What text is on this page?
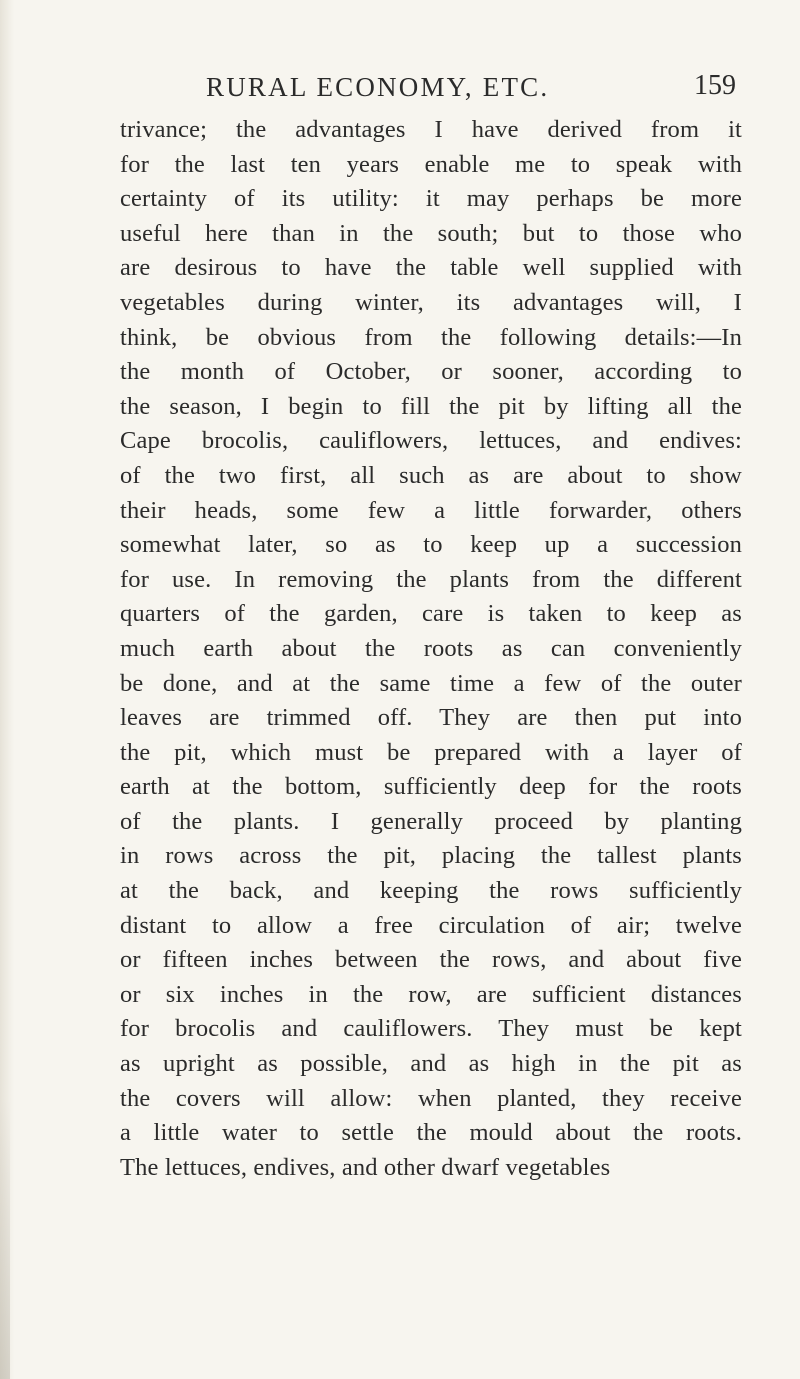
RURAL ECONOMY, ETC.	159
trivance; the advantages I have derived from it
for the last ten years enable me to speak with
certainty of its utility: it may perhaps be more
useful here than in the south; but to those who
are desirous to have the table well supplied with
vegetables during winter, its advantages will, I
think, be obvious from the following details:—In
the month of October, or sooner, according to
the season, I begin to fill the pit by lifting all the
Cape brocolis, cauliflowers, lettuces, and endives:
of the two first, all such as are about to show
their heads, some few a little forwarder, others
somewhat later, so as to keep up a succession
for use. In removing the plants from the different
quarters of the garden, care is taken to keep as
much earth about the roots as can conveniently
be done, and at the same time a few of the outer
leaves are trimmed off. They are then put into
the pit, which must be prepared with a layer of
earth at the bottom, sufficiently deep for the roots
of the plants. I generally proceed by planting
in rows across the pit, placing the tallest plants
at the back, and keeping the rows sufficiently
distant to allow a free circulation of air; twelve
or fifteen inches between the rows, and about five
or six inches in the row, are sufficient distances
for brocolis and cauliflowers. They must be kept
as upright as possible, and as high in the pit as
the covers will allow: when planted, they receive
a little water to settle the mould about the roots.
The lettuces, endives, and other dwarf vegetables
